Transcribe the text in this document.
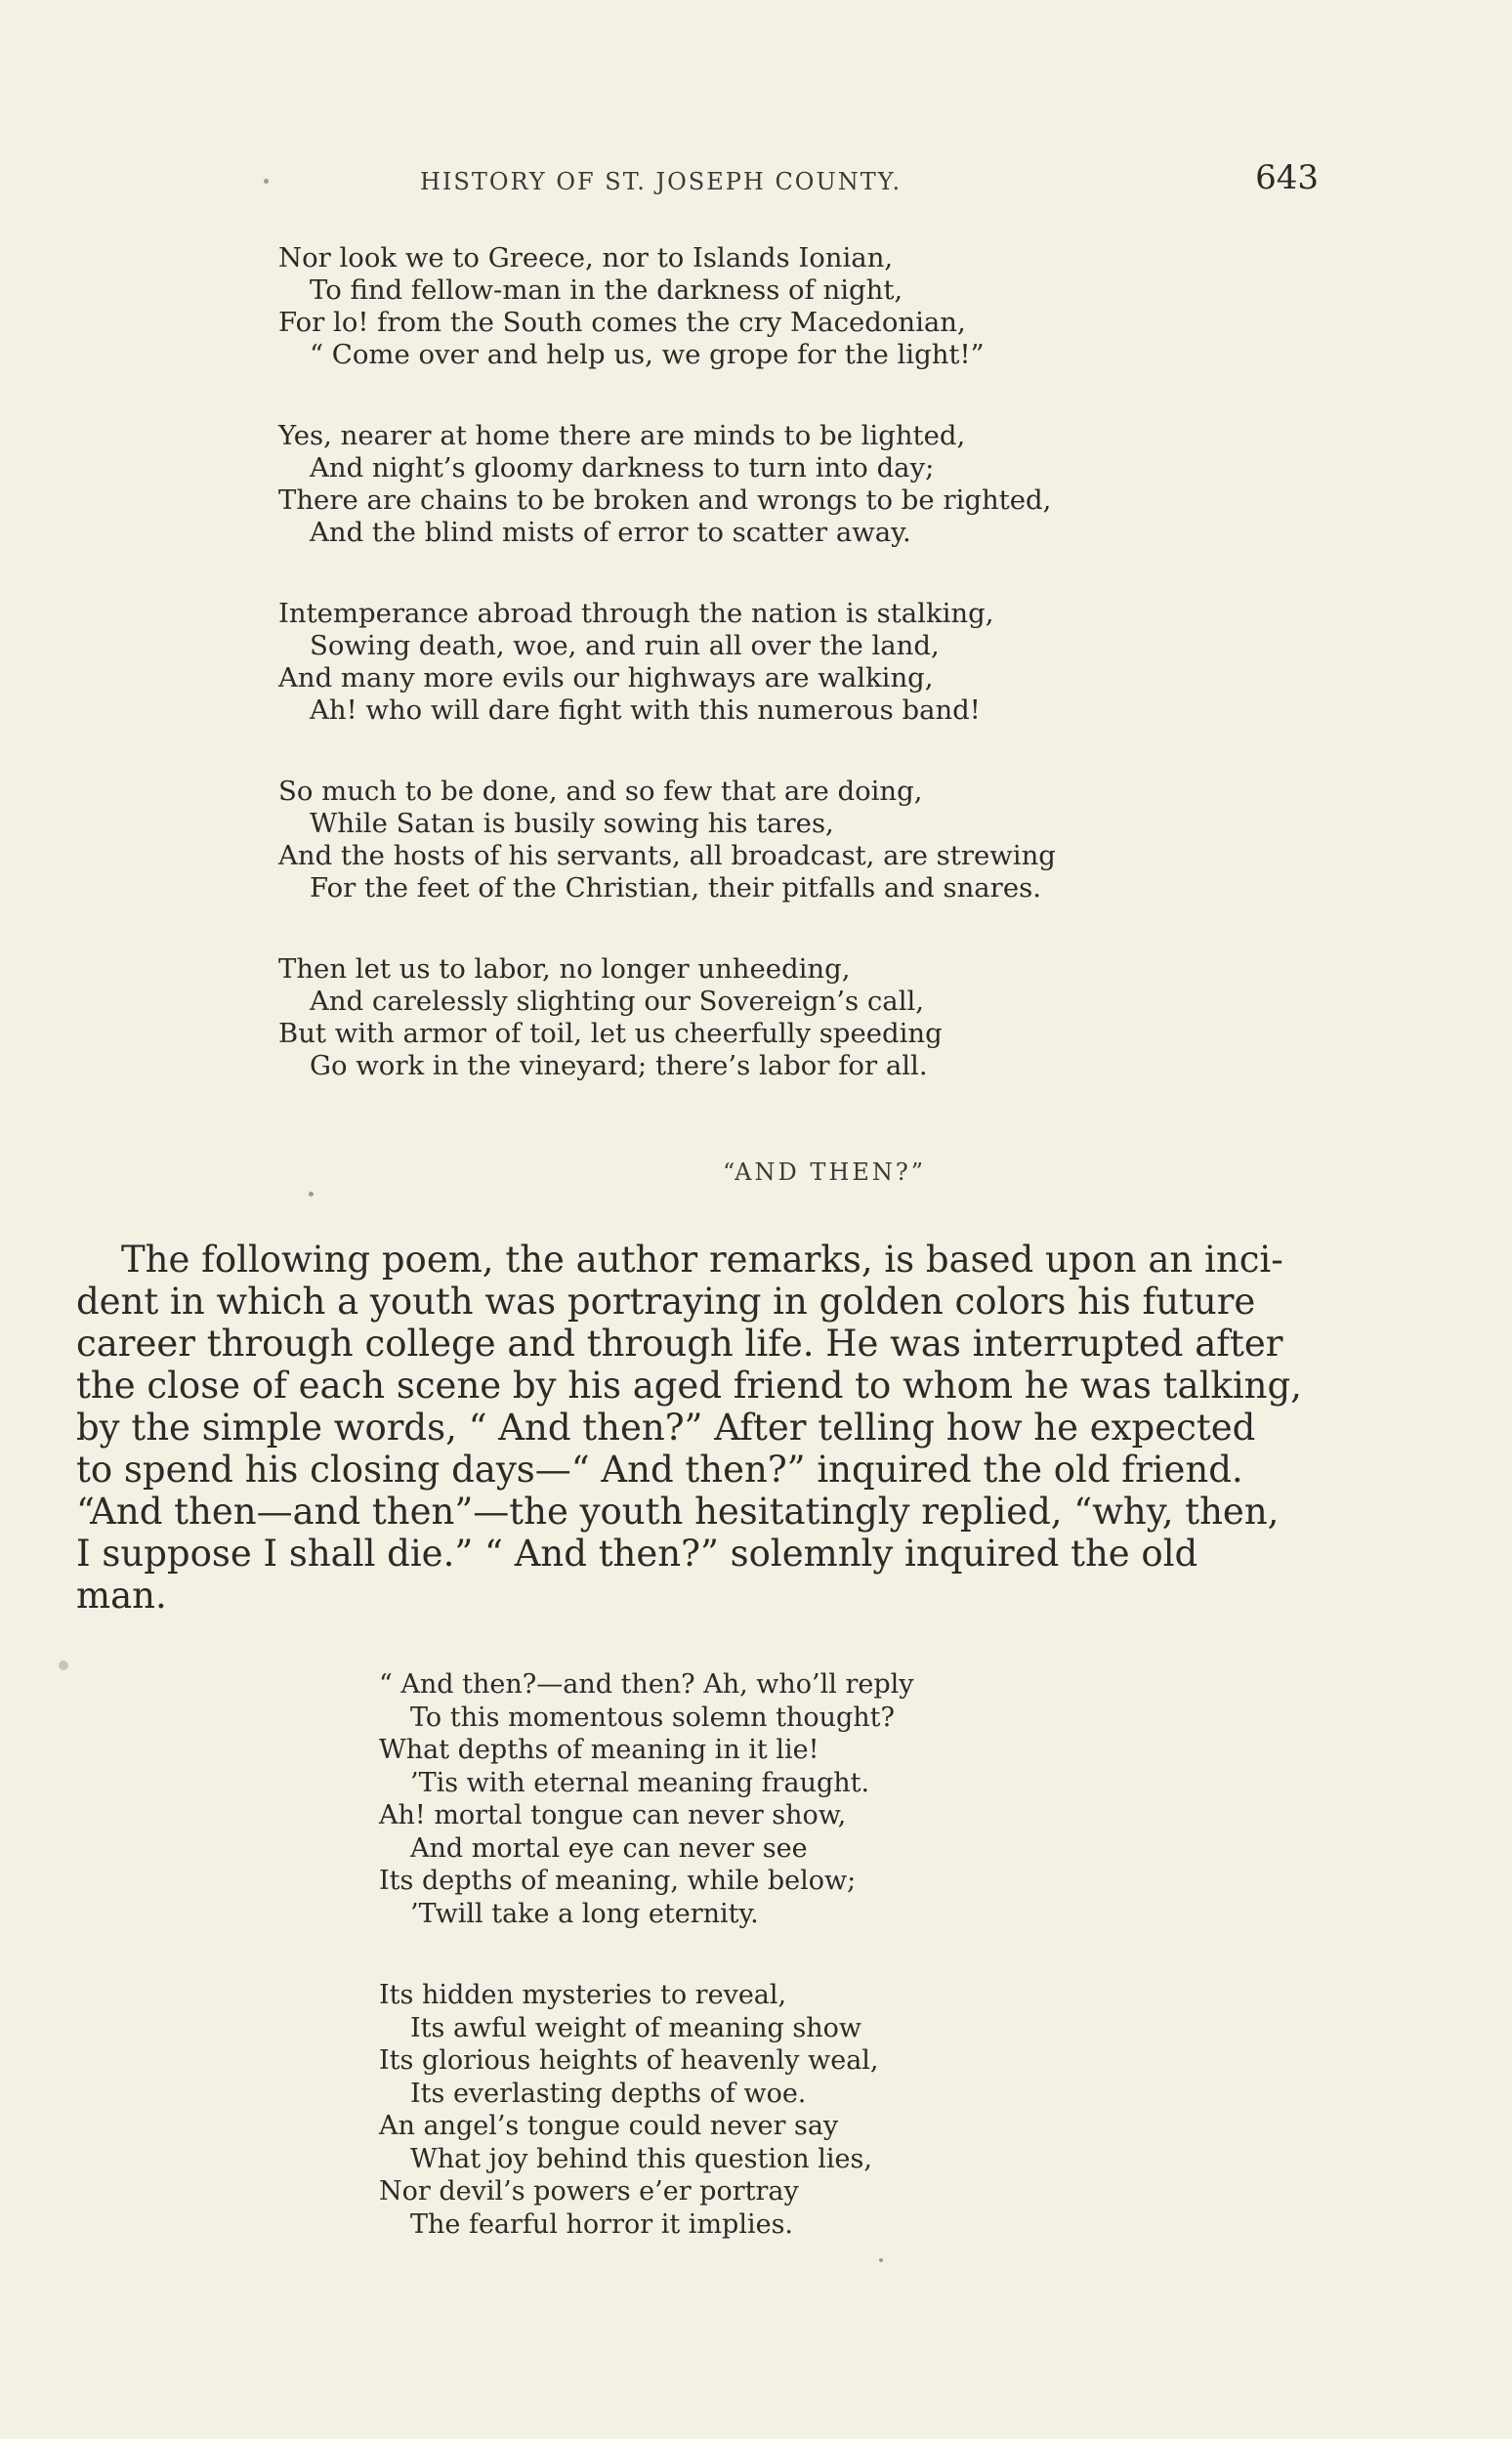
HISTORY OF ST. JOSEPH COUNTY.	643
Nor look we to Greece, nor to Islands Ionian,
To find fellow-man in the darkness of night,
For lo! from the South comes the cry Macedonian,
“ Come over and help us, we grope for the light!”
Yes, nearer at home there are minds to be lighted,
And night’s gloomy darkness to turn into day;
There are chains to be broken and wrongs to be righted,
And the blind mists of error to scatter away.
Intemperance abroad through the nation is stalking,
Sowing death, woe, and ruin all over the land,
And many more evils our highways are walking,
Ah! who will dare fight with this numerous band!
So much to be done, and so few that are doing,
While Satan is busily sowing his tares,
And the hosts of his servants, all broadcast, are strewing
For the feet of the Christian, their pitfalls and snares.
Then let us to labor, no longer unheeding,
And carelessly slighting our Sovereign’s call,
But with armor of toil, let us cheerfully speeding
Go work in the vineyard; there’s labor for all.
“AND THEN?”
The following poem, the author remarks, is based upon an inci-
dent in which a youth was portraying in golden colors his future
career through college and through life. He was interrupted after
the close of each scene by his aged friend to whom he was talking,
by the simple words, “ And then?” After telling how he expected
to spend his closing days—“ And then?” inquired the old friend.
“And then—and then”—the youth hesitatingly replied, “why, then,
I suppose I shall die.” “ And then?” solemnly inquired the old
man.
“ And then?—and then? Ah, who’ll reply
To this momentous solemn thought?
What depths of meaning in it lie!
’Tis with eternal meaning fraught.
Ah! mortal tongue can never show,
And mortal eye can never see
Its depths of meaning, while below;
’Twill take a long eternity.
Its hidden mysteries to reveal,
Its awful weight of meaning show
Its glorious heights of heavenly weal,
Its everlasting depths of woe.
An angel’s tongue could never say
What joy behind this question lies,
Nor devil’s powers e’er portray
The fearful horror it implies.
